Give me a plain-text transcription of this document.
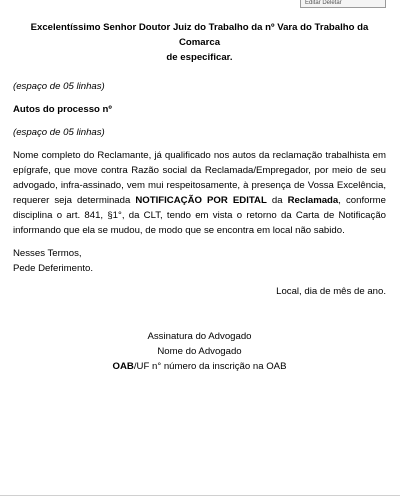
Editar Deletar

Excelentíssimo Senhor Doutor Juiz do Trabalho da nº Vara do Trabalho da Comarca
de especificar.

(espaço de 05 linhas)

Autos do processo nº

(espaço de 05 linhas)

Nome completo do Reclamante, já qualificado nos autos da reclamação trabalhista em epígrafe, que move contra Razão social da Reclamada/Empregador, por meio de seu advogado, infra-assinado, vem mui respeitosamente, à presença de Vossa Excelência, requerer seja determinada NOTIFICAÇÃO POR EDITAL da Reclamada, conforme disciplina o art. 841, §1°, da CLT, tendo em vista o retorno da Carta de Notificação informando que ela se mudou, de modo que se encontra em local não sabido.

Nesses Termos,

Pede Deferimento.

Local, dia de mês de ano.

Assinatura do Advogado

Nome do Advogado

OAB/UF n° número da inscrição na OAB
